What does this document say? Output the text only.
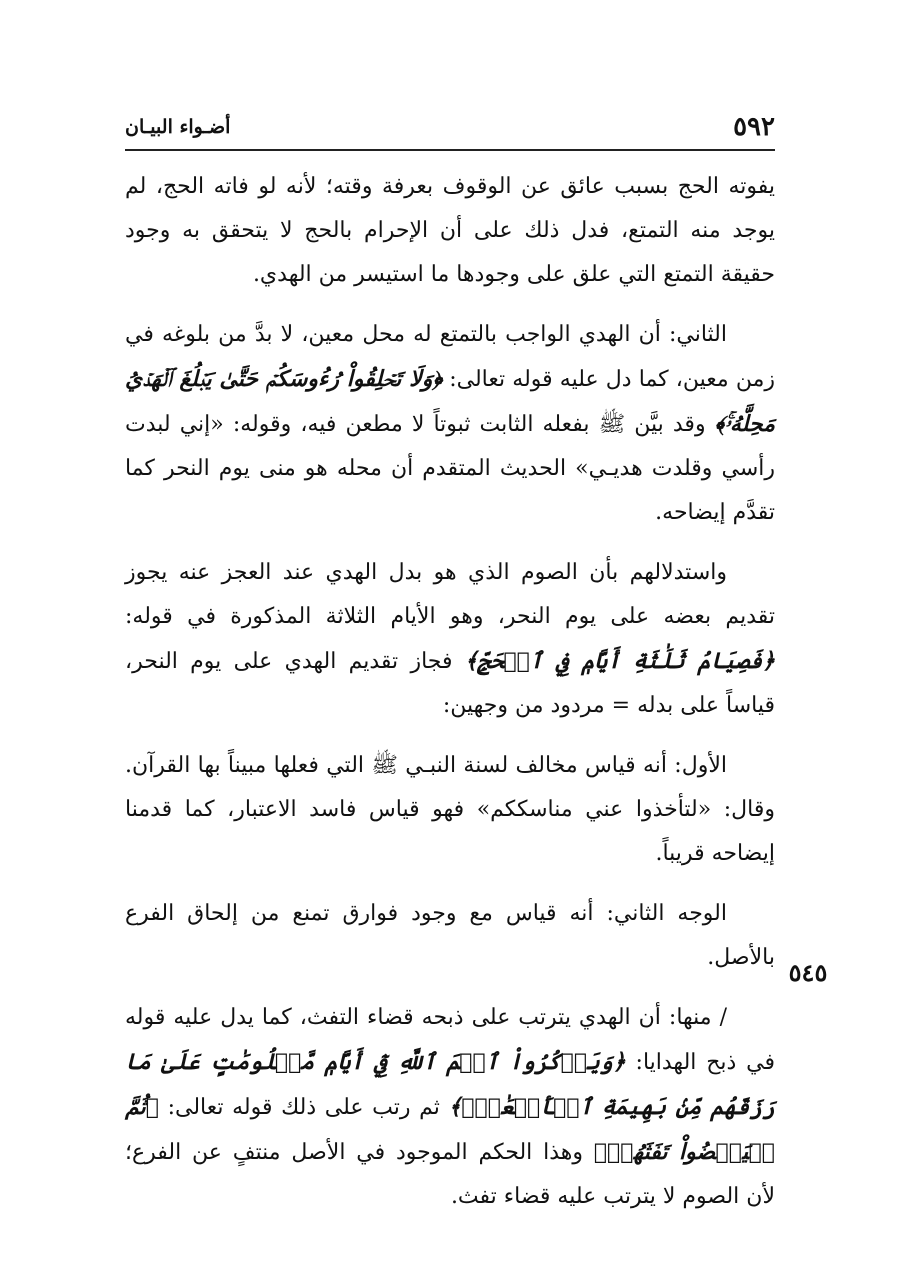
٥٩٢
أضـواء البيـان
٥٤٥

يفوته الحج بسبب عائق عن الوقوف بعرفة وقته؛ لأنه لو فاته الحج، لم يوجد منه التمتع، فدل ذلك على أن الإحرام بالحج لا يتحقق به وجود حقيقة التمتع التي علق على وجودها ما استيسر من الهدي.

الثاني: أن الهدي الواجب بالتمتع له محل معين، لا بدَّ من بلوغه في زمن معين، كما دل عليه قوله تعالى: ﴿وَلَا تَحۡلِقُواْ رُءُوسَكُمۡ حَتَّىٰ يَبۡلُغَ ٱلۡهَدۡيُ مَحِلَّهُۥۚ﴾ وقد بيَّن ﷺ بفعله الثابت ثبوتاً لا مطعن فيه، وقوله: «إني لبدت رأسي وقلدت هديـي» الحديث المتقدم أن محله هو منى يوم النحر كما تقدَّم إيضاحه.

واستدلالهم بأن الصوم الذي هو بدل الهدي عند العجز عنه يجوز تقديم بعضه على يوم النحر، وهو الأيام الثلاثة المذكورة في قوله: ﴿فَصِيَامُ ثَلَٰثَةِ أَيَّامٖ فِي ٱلۡحَجِّ﴾ فجاز تقديم الهدي على يوم النحر، قياساً على بدله = مردود من وجهين:

الأول: أنه قياس مخالف لسنة النبـي ﷺ التي فعلها مبيناً بها القرآن. وقال: «لتأخذوا عني مناسككم» فهو قياس فاسد الاعتبار، كما قدمنا إيضاحه قريباً.

الوجه الثاني: أنه قياس مع وجود فوارق تمنع من إلحاق الفرع بالأصل.

/ منها: أن الهدي يترتب على ذبحه قضاء التفث، كما يدل عليه قوله في ذبح الهدايا: ﴿وَيَذۡكُرُواْ ٱسۡمَ ٱللَّهِ فِيٓ أَيَّامٖ مَّعۡلُومَٰتٍ عَلَىٰ مَا رَزَقَهُم مِّنۢ بَهِيمَةِ ٱلۡأَنۡعَٰمِۖ﴾ ثم رتب على ذلك قوله تعالى: ﴿ثُمَّ لۡيَقۡضُواْ تَفَثَهُمۡ﴾ وهذا الحكم الموجود في الأصل منتفٍ عن الفرع؛ لأن الصوم لا يترتب عليه قضاء تفث.
